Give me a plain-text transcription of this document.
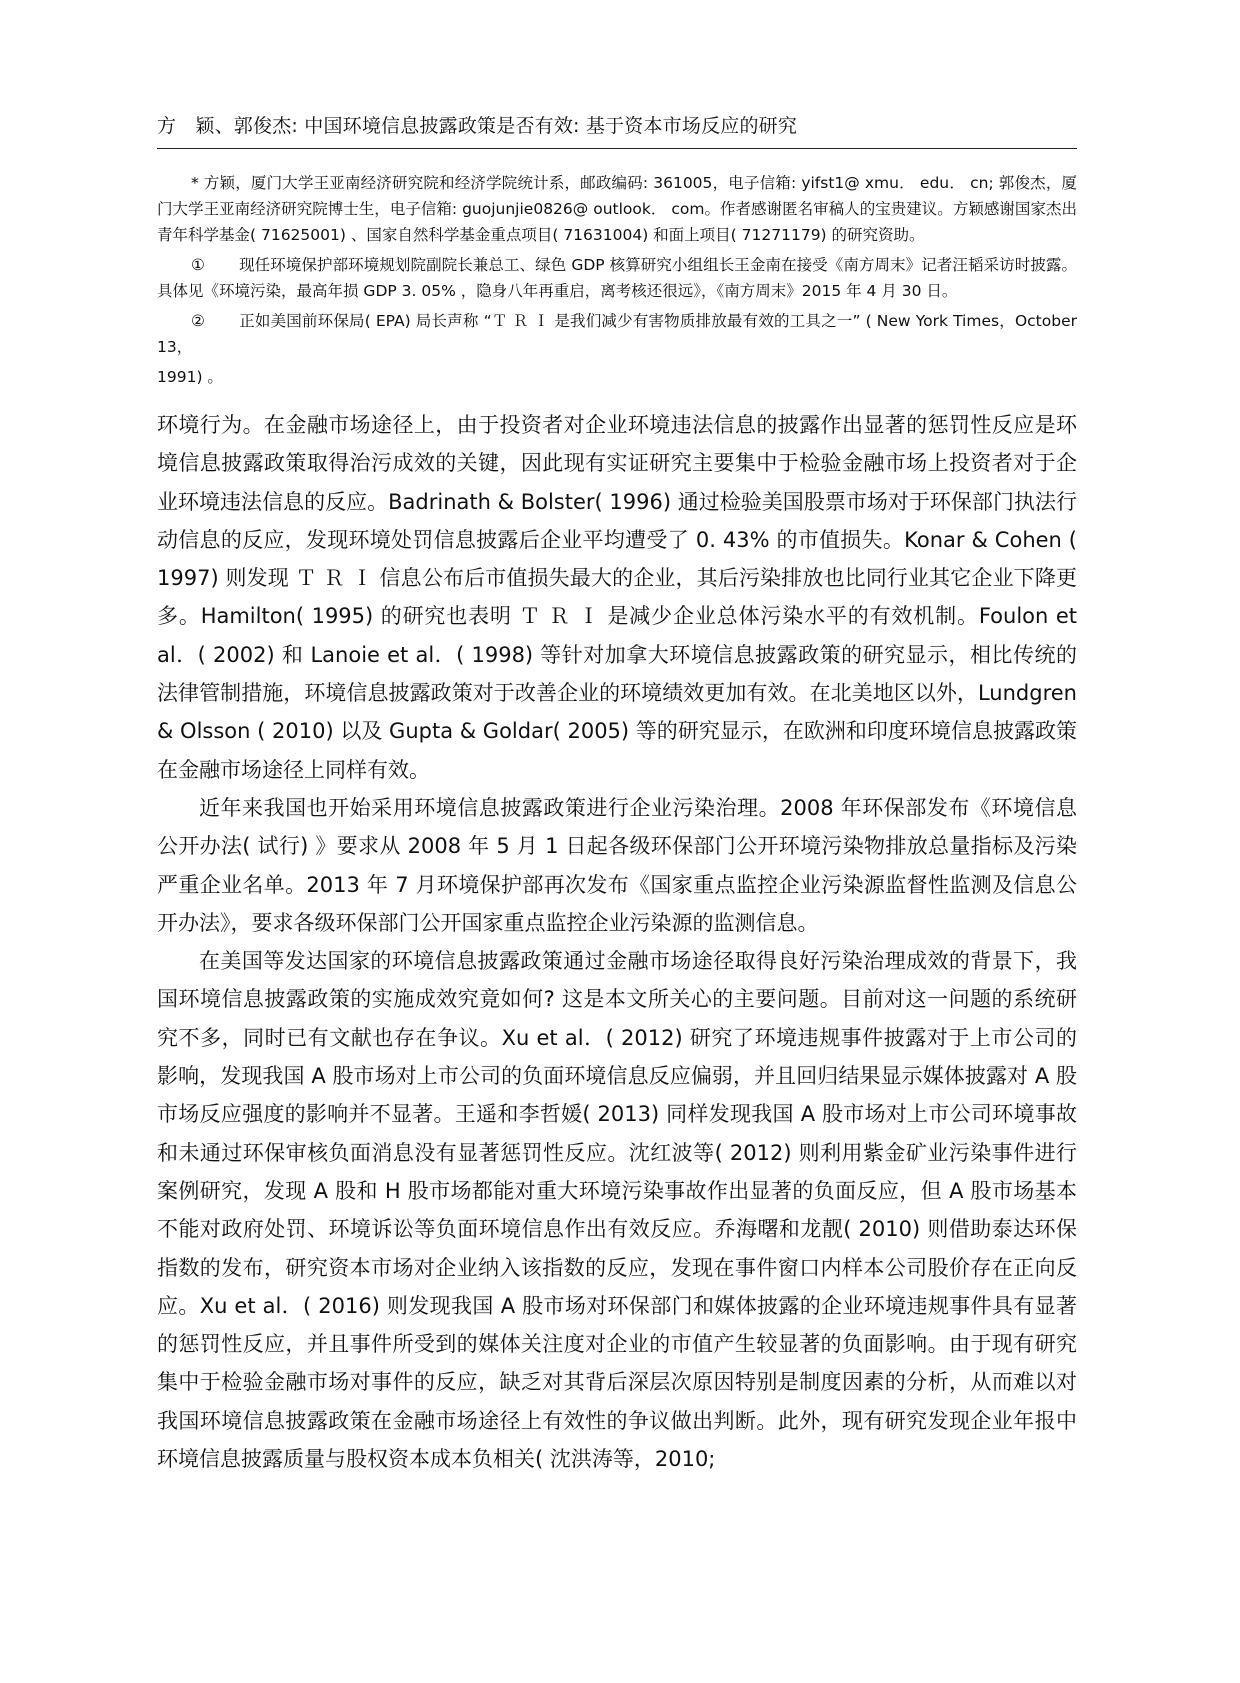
方　颖、郭俊杰: 中国环境信息披露政策是否有效: 基于资本市场反应的研究

* 方颖，厦门大学王亚南经济研究院和经济学院统计系，邮政编码: 361005，电子信箱: yifst1@ xmu． edu． cn; 郭俊杰，厦门大学王亚南经济研究院博士生，电子信箱: guojunjie0826@ outlook． com。作者感谢匿名审稿人的宝贵建议。方颖感谢国家杰出青年科学基金( 71625001) 、国家自然科学基金重点项目( 71631004) 和面上项目( 71271179) 的研究资助。

① 现任环境保护部环境规划院副院长兼总工、绿色 GDP 核算研究小组组长王金南在接受《南方周末》记者汪韬采访时披露。具体见《环境污染，最高年损 GDP 3. 05% ，隐身八年再重启，离考核还很远》，《南方周末》2015 年 4 月 30 日。

② 正如美国前环保局( EPA) 局长声称 “Ｔ Ｒ Ｉ 是我们减少有害物质排放最有效的工具之一” ( New York Times，October 13，

1991) 。

环境行为。在金融市场途径上，由于投资者对企业环境违法信息的披露作出显著的惩罚性反应是环境信息披露政策取得治污成效的关键，因此现有实证研究主要集中于检验金融市场上投资者对于企业环境违法信息的反应。Badrinath & Bolster( 1996) 通过检验美国股票市场对于环保部门执法行动信息的反应，发现环境处罚信息披露后企业平均遭受了 0. 43% 的市值损失。Konar & Cohen ( 1997) 则发现 Ｔ Ｒ Ｉ 信息公布后市值损失最大的企业，其后污染排放也比同行业其它企业下降更多。Hamilton( 1995) 的研究也表明 Ｔ Ｒ Ｉ 是减少企业总体污染水平的有效机制。Foulon et al．( 2002) 和 Lanoie et al．( 1998) 等针对加拿大环境信息披露政策的研究显示，相比传统的法律管制措施，环境信息披露政策对于改善企业的环境绩效更加有效。在北美地区以外，Lundgren & Olsson ( 2010) 以及 Gupta & Goldar( 2005) 等的研究显示，在欧洲和印度环境信息披露政策在金融市场途径上同样有效。

近年来我国也开始采用环境信息披露政策进行企业污染治理。2008 年环保部发布《环境信息公开办法( 试行) 》要求从 2008 年 5 月 1 日起各级环保部门公开环境污染物排放总量指标及污染严重企业名单。2013 年 7 月环境保护部再次发布《国家重点监控企业污染源监督性监测及信息公开办法》，要求各级环保部门公开国家重点监控企业污染源的监测信息。

在美国等发达国家的环境信息披露政策通过金融市场途径取得良好污染治理成效的背景下，我国环境信息披露政策的实施成效究竟如何? 这是本文所关心的主要问题。目前对这一问题的系统研究不多，同时已有文献也存在争议。Xu et al．( 2012) 研究了环境违规事件披露对于上市公司的影响，发现我国 A 股市场对上市公司的负面环境信息反应偏弱，并且回归结果显示媒体披露对 A 股市场反应强度的影响并不显著。王遥和李哲媛( 2013) 同样发现我国 A 股市场对上市公司环境事故和未通过环保审核负面消息没有显著惩罚性反应。沈红波等( 2012) 则利用紫金矿业污染事件进行案例研究，发现 A 股和 H 股市场都能对重大环境污染事故作出显著的负面反应，但 A 股市场基本不能对政府处罚、环境诉讼等负面环境信息作出有效反应。乔海曙和龙靓( 2010) 则借助泰达环保指数的发布，研究资本市场对企业纳入该指数的反应，发现在事件窗口内样本公司股价存在正向反应。Xu et al．( 2016) 则发现我国 A 股市场对环保部门和媒体披露的企业环境违规事件具有显著的惩罚性反应，并且事件所受到的媒体关注度对企业的市值产生较显著的负面影响。由于现有研究集中于检验金融市场对事件的反应，缺乏对其背后深层次原因特别是制度因素的分析，从而难以对我国环境信息披露政策在金融市场途径上有效性的争议做出判断。此外，现有研究发现企业年报中环境信息披露质量与股权资本成本负相关( 沈洪涛等，2010;
